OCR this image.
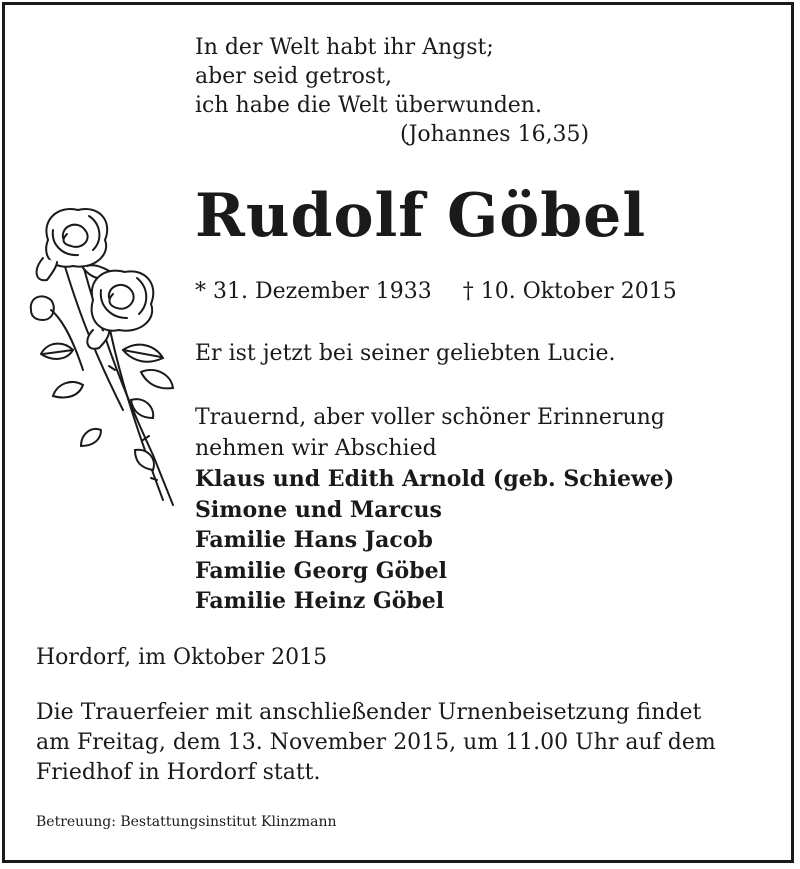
In der Welt habt ihr Angst;
aber seid getrost,
ich habe die Welt überwunden.
(Johannes 16,35)
Rudolf Göbel
* 31. Dezember 1933 † 10. Oktober 2015
Er ist jetzt bei seiner geliebten Lucie.
Trauernd, aber voller schöner Erinnerung
nehmen wir Abschied
Klaus und Edith Arnold (geb. Schiewe)
Simone und Marcus
Familie Hans Jacob
Familie Georg Göbel
Familie Heinz Göbel
Hordorf, im Oktober 2015
Die Trauerfeier mit anschließender Urnenbeisetzung findet
am Freitag, dem 13. November 2015, um 11.00 Uhr auf dem
Friedhof in Hordorf statt.
Betreuung: Bestattungsinstitut Klinzmann
